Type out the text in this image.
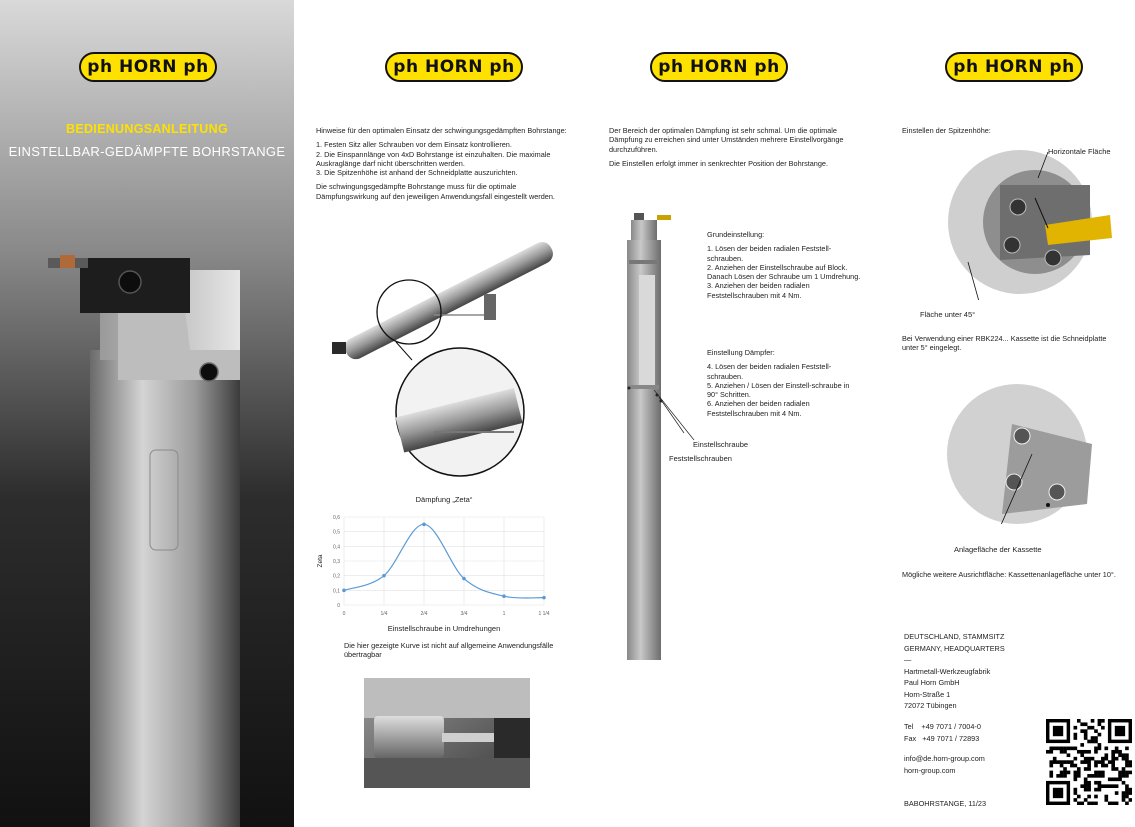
ph HORN ph
BEDIENUNGSANLEITUNG
EINSTELLBAR-GEDÄMPFTE BOHRSTANGE
ph HORN ph

Hinweise für den optimalen Einsatz der schwingungsgedämpften Bohrstange:

1. Festen Sitz aller Schrauben vor dem Einsatz kontrollieren.
2. Die Einspannlänge von 4xD Bohrstange ist einzuhalten. Die maximale Auskraglänge darf nicht überschritten werden.
3. Die Spitzenhöhe ist anhand der Schneidplatte auszurichten.

Die schwingungsgedämpfte Bohrstange muss für die optimale Dämpfungswirkung auf den jeweiligen Anwendungsfall eingestellt werden.

Dämpfung „Zeta“
0
0,1
0,2
0,3
0,4
0,5
0,6
0	1/4	2/4	3/4	1	1 1/4
Zeta
Einstellschraube in Umdrehungen
Die hier gezeigte Kurve ist nicht auf allgemeine Anwendungsfälle übertragbar
ph HORN ph

Der Bereich der optimalen Dämpfung ist sehr schmal. Um die optimale Dämpfung zu erreichen sind unter Umständen mehrere Einstellvorgänge durchzuführen.

Die Einstellen erfolgt immer in senkrechter Position der Bohrstange.

Einstellschraube
Feststellschrauben

Grundeinstellung:

1. Lösen der beiden radialen Feststell-schrauben.
2. Anziehen der Einstellschraube auf Block. Danach Lösen der Schraube um 1 Umdrehung.
3. Anziehen der beiden radialen Feststellschrauben mit 4 Nm.

Einstellung Dämpfer:

4. Lösen der beiden radialen Feststell-schrauben.
5. Anziehen / Lösen der Einstell-schraube in 90° Schritten.
6. Anziehen der beiden radialen Feststellschrauben mit 4 Nm.
ph HORN ph
Einstellen der Spitzenhöhe:
Horizontale Fläche
Fläche unter 45°
Bei Verwendung einer RBK224... Kassette ist die Schneidplatte unter 5° eingelegt.
Anlagefläche der Kassette
Mögliche weitere Ausrichtfläche: Kassettenanlagefläche unter 10°.
DEUTSCHLAND, STAMMSITZ
GERMANY, HEADQUARTERS
—
Hartmetall-Werkzeugfabrik
Paul Horn GmbH
Horn-Straße 1
72072 Tübingen
Tel    +49 7071 / 7004-0
Fax   +49 7071 / 72893
info@de.horn-group.com
horn-group.com
BABOHRSTANGE, 11/23
